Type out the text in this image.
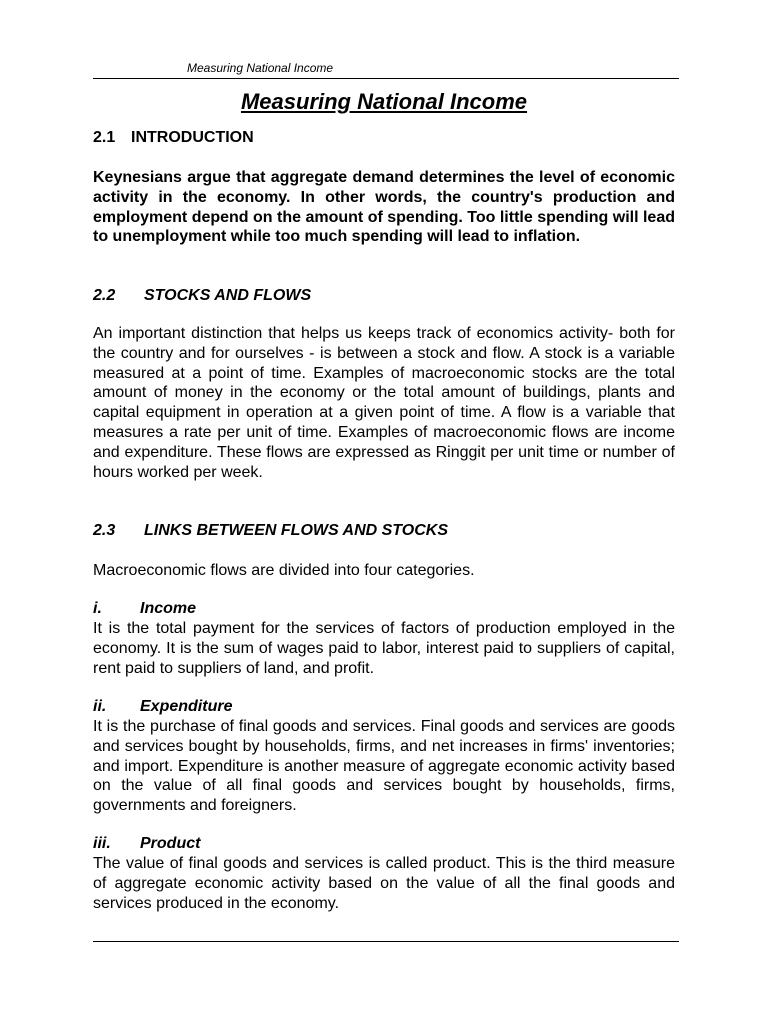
Measuring National Income
Measuring National Income
2.1 INTRODUCTION
Keynesians argue that aggregate demand determines the level of economic activity in the economy. In other words, the country's production and employment depend on the amount of spending. Too little spending will lead to unemployment while too much spending will lead to inflation.
2.2 STOCKS AND FLOWS
An important distinction that helps us keeps track of economics activity- both for the country and for ourselves - is between a stock and flow. A stock is a variable measured at a point of time. Examples of macroeconomic stocks are the total amount of money in the economy or the total amount of buildings, plants and capital equipment in operation at a given point of time. A flow is a variable that measures a rate per unit of time. Examples of macroeconomic flows are income and expenditure. These flows are expressed as Ringgit per unit time or number of hours worked per week.
2.3 LINKS BETWEEN FLOWS AND STOCKS
Macroeconomic flows are divided into four categories.
i. Income
It is the total payment for the services of factors of production employed in the economy. It is the sum of wages paid to labor, interest paid to suppliers of capital, rent paid to suppliers of land, and profit.
ii. Expenditure
It is the purchase of final goods and services. Final goods and services are goods and services bought by households, firms, and net increases in firms' inventories; and import. Expenditure is another measure of aggregate economic activity based on the value of all final goods and services bought by households, firms, governments and foreigners.
iii. Product
The value of final goods and services is called product. This is the third measure of aggregate economic activity based on the value of all the final goods and services produced in the economy.
